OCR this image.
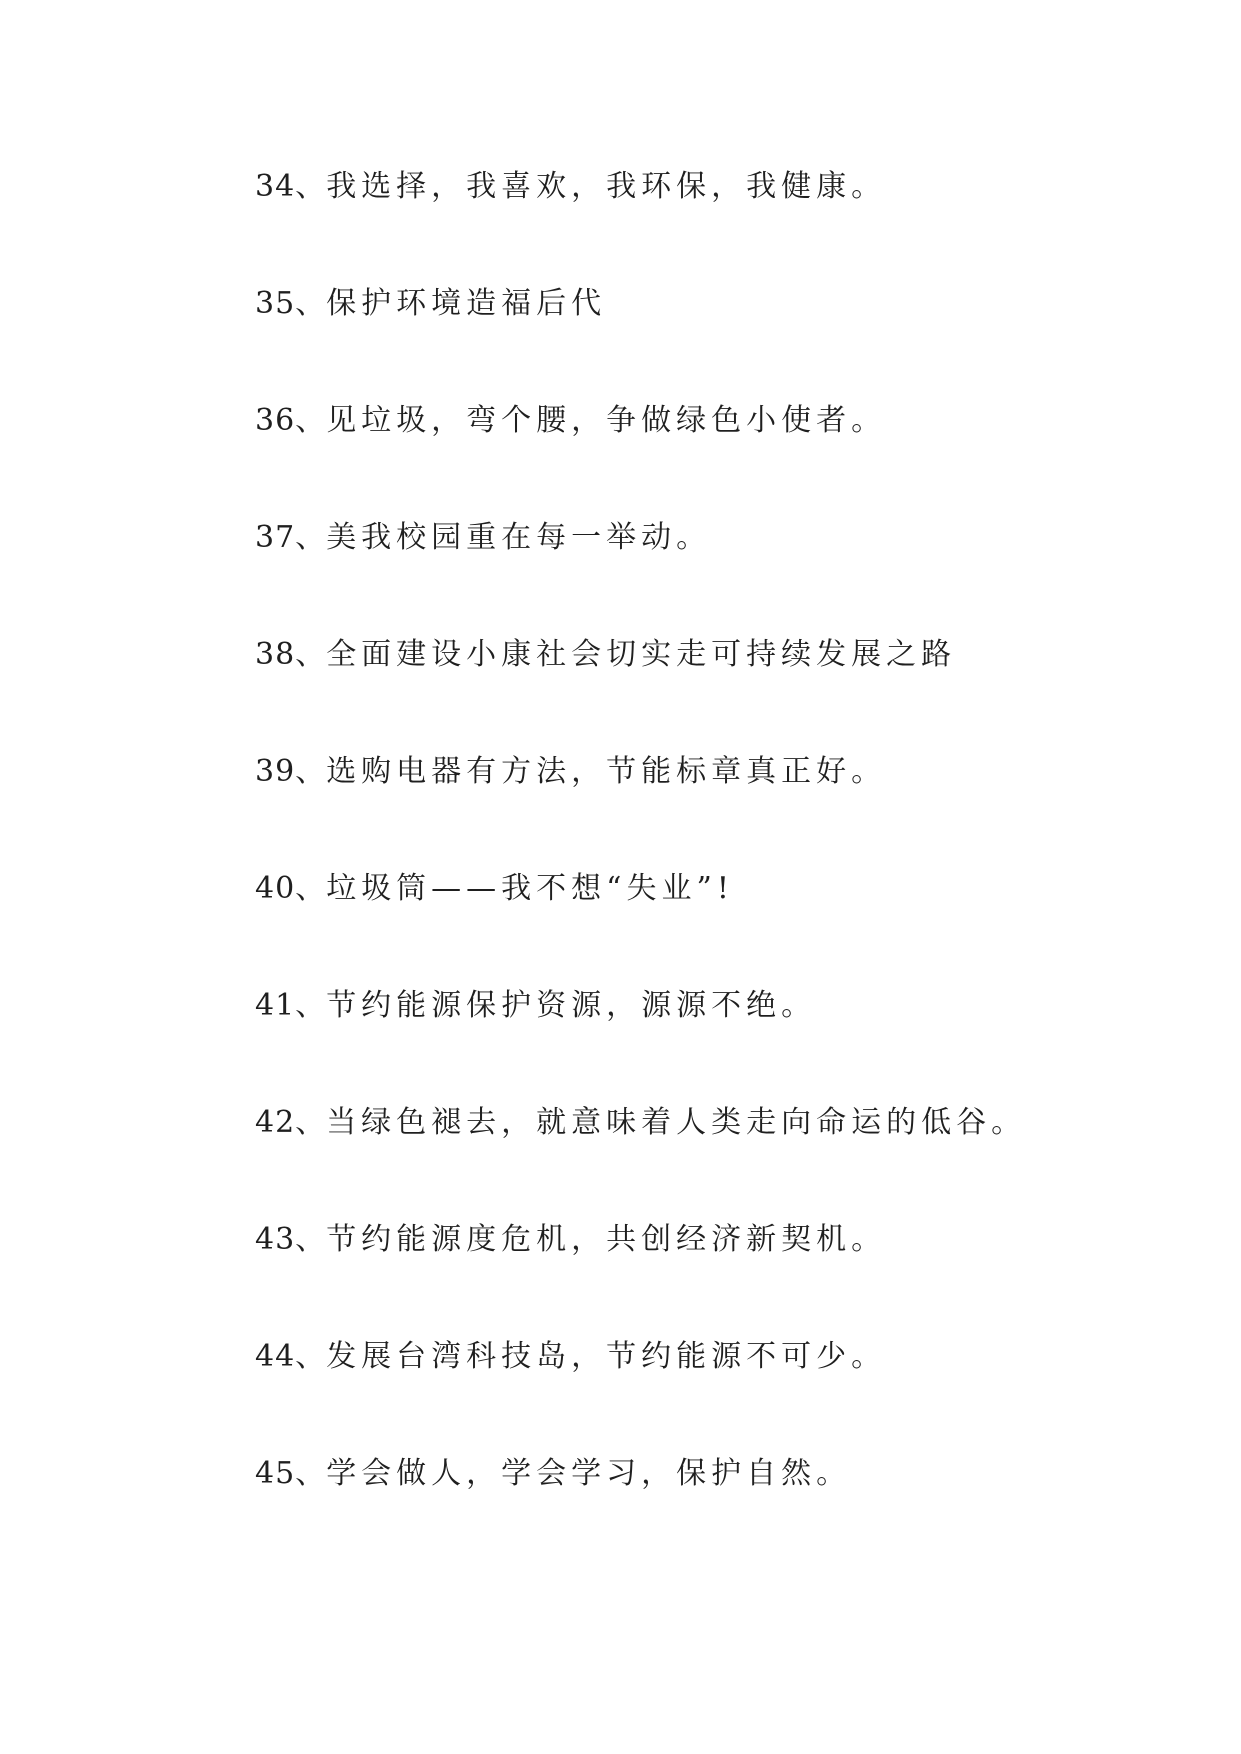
34、我选择，我喜欢，我环保，我健康。
35、保护环境造福后代
36、见垃圾，弯个腰，争做绿色小使者。
37、美我校园重在每一举动。
38、全面建设小康社会切实走可持续发展之路
39、选购电器有方法，节能标章真正好。
40、垃圾筒——我不想“失业”!
41、节约能源保护资源，源源不绝。
42、当绿色褪去，就意味着人类走向命运的低谷。
43、节约能源度危机，共创经济新契机。
44、发展台湾科技岛，节约能源不可少。
45、学会做人，学会学习，保护自然。
